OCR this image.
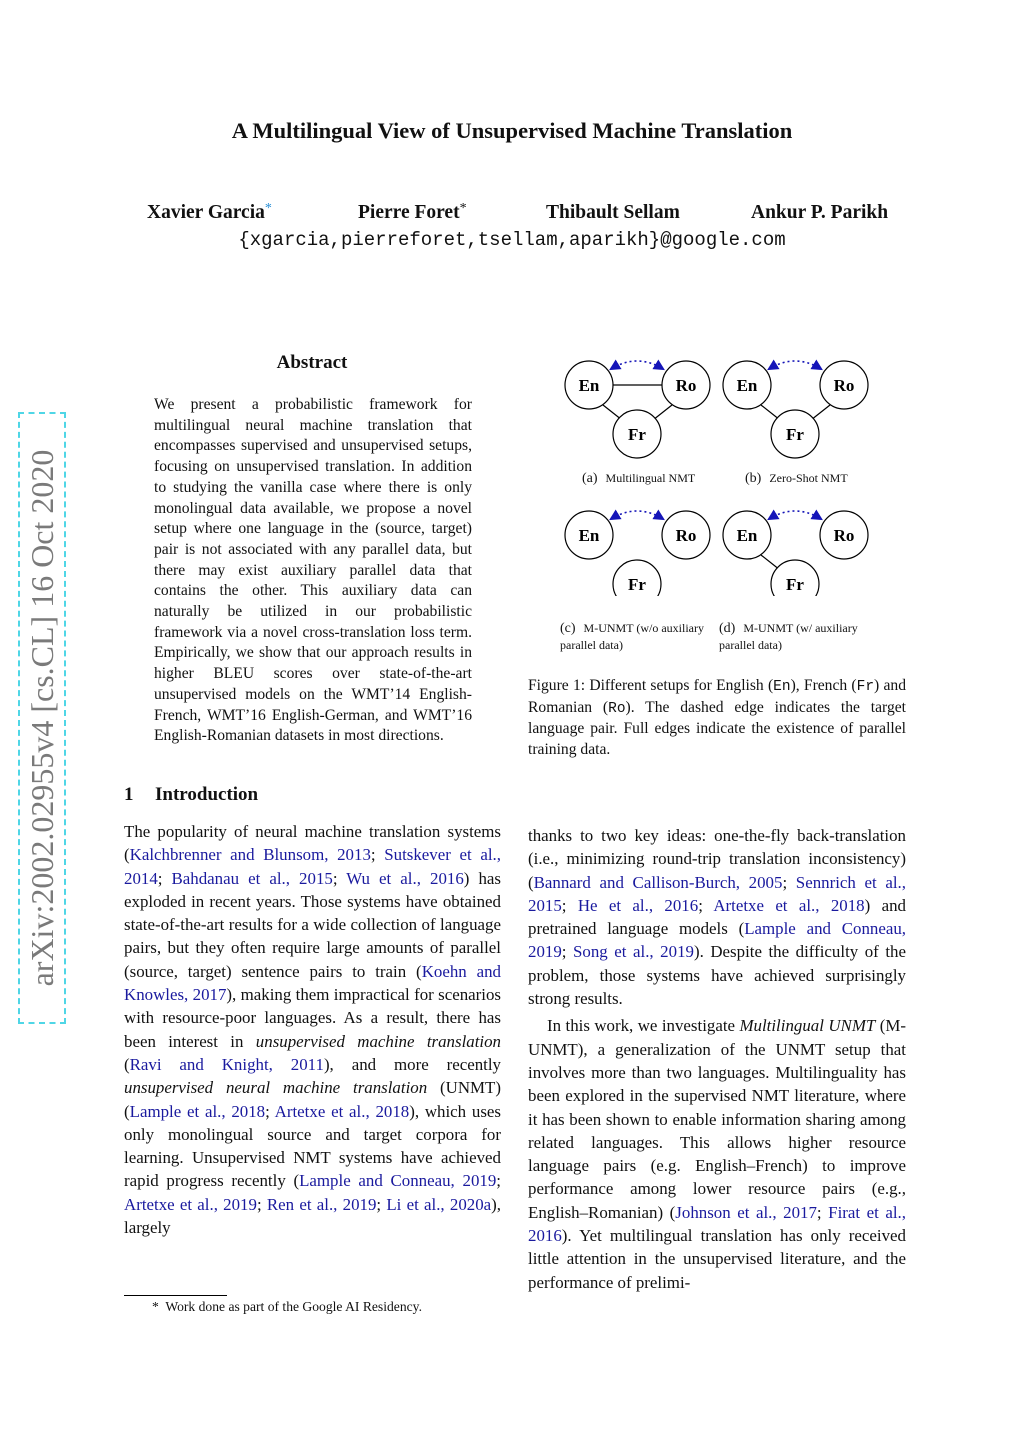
A Multilingual View of Unsupervised Machine Translation
Xavier Garcia*	Pierre Foret*	Thibault Sellam	Ankur P. Parikh
{xgarcia,pierreforet,tsellam,aparikh}@google.com
arXiv:2002.02955v4 [cs.CL] 16 Oct 2020
Abstract
We present a probabilistic framework for multilingual neural machine translation that encompasses supervised and unsupervised setups, focusing on unsupervised translation. In addition to studying the vanilla case where there is only monolingual data available, we propose a novel setup where one language in the (source, target) pair is not associated with any parallel data, but there may exist auxiliary parallel data that contains the other. This auxiliary data can naturally be utilized in our probabilistic framework via a novel cross-translation loss term. Empirically, we show that our approach results in higher BLEU scores over state-of-the-art unsupervised models on the WMT’14 English-French, WMT’16 English-German, and WMT’16 English-Romanian datasets in most directions.
En	Ro
Fr
En	Ro
Fr
En	Ro
Fr
En	Ro
Fr
(a) Multilingual NMT	(b) Zero-Shot NMT
(c) M-UNMT (w/o auxiliary parallel data)
(d) M-UNMT (w/ auxiliary parallel data)
Figure 1: Different setups for English (En), French (Fr) and Romanian (Ro). The dashed edge indicates the target language pair. Full edges indicate the existence of parallel training data.
1 Introduction

The popularity of neural machine translation systems (Kalchbrenner and Blunsom, 2013; Sutskever et al., 2014; Bahdanau et al., 2015; Wu et al., 2016) has exploded in recent years. Those systems have obtained state-of-the-art results for a wide collection of language pairs, but they often require large amounts of parallel (source, target) sentence pairs to train (Koehn and Knowles, 2017), making them impractical for scenarios with resource-poor languages. As a result, there has been interest in unsupervised machine translation (Ravi and Knight, 2011), and more recently unsupervised neural machine translation (UNMT) (Lample et al., 2018; Artetxe et al., 2018), which uses only monolingual source and target corpora for learning. Unsupervised NMT systems have achieved rapid progress recently (Lample and Conneau, 2019; Artetxe et al., 2019; Ren et al., 2019; Li et al., 2020a), largely

* Work done as part of the Google AI Residency.

thanks to two key ideas: one-the-fly back-translation (i.e., minimizing round-trip translation inconsistency) (Bannard and Callison-Burch, 2005; Sennrich et al., 2015; He et al., 2016; Artetxe et al., 2018) and pretrained language models (Lample and Conneau, 2019; Song et al., 2019). Despite the difficulty of the problem, those systems have achieved surprisingly strong results.

In this work, we investigate Multilingual UNMT (M-UNMT), a generalization of the UNMT setup that involves more than two languages. Multilinguality has been explored in the supervised NMT literature, where it has been shown to enable information sharing among related languages. This allows higher resource language pairs (e.g. English–French) to improve performance among lower resource pairs (e.g., English–Romanian) (Johnson et al., 2017; Firat et al., 2016). Yet multilingual translation has only received little attention in the unsupervised literature, and the performance of prelimi-
